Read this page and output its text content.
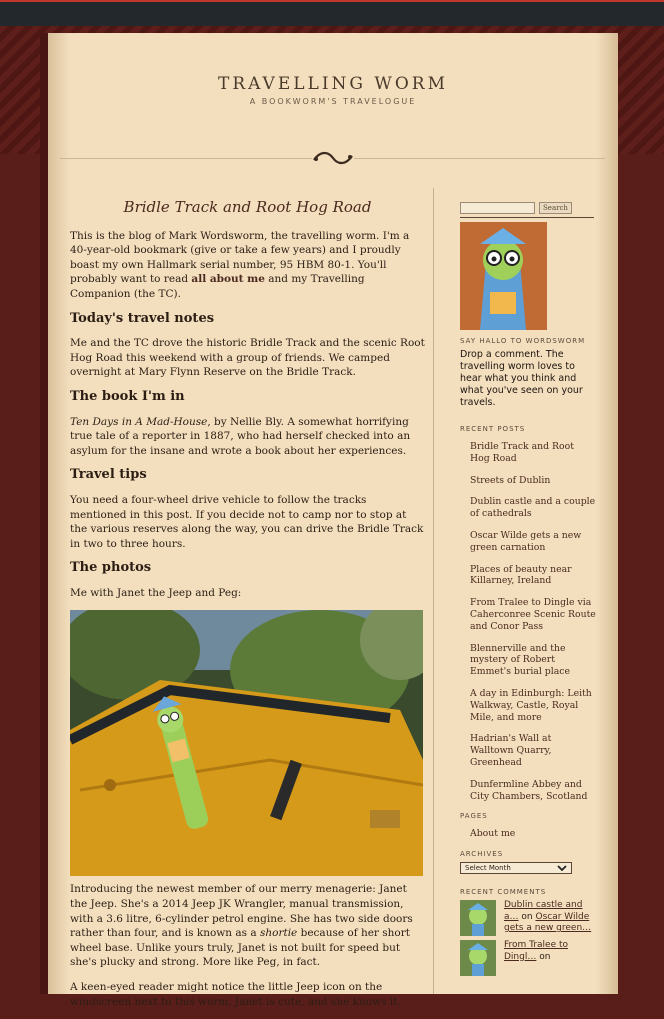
TRAVELLING WORM
A BOOKWORM'S TRAVELOGUE
Bridle Track and Root Hog Road

This is the blog of Mark Wordsworm, the travelling worm. I'm a 40-year-old bookmark (give or take a few years) and I proudly boast my own Hallmark serial number, 95 HBM 80-1. You'll probably want to read all about me and my Travelling Companion (the TC).

Today's travel notes

Me and the TC drove the historic Bridle Track and the scenic Root Hog Road this weekend with a group of friends. We camped overnight at Mary Flynn Reserve on the Bridle Track.

The book I'm in

Ten Days in A Mad-House, by Nellie Bly. A somewhat horrifying true tale of a reporter in 1887, who had herself checked into an asylum for the insane and wrote a book about her experiences.

Travel tips

You need a four-wheel drive vehicle to follow the tracks mentioned in this post. If you decide not to camp nor to stop at the various reserves along the way, you can drive the Bridle Track in two to three hours.

The photos

Me with Janet the Jeep and Peg:

Introducing the newest member of our merry menagerie: Janet the Jeep. She's a 2014 Jeep JK Wrangler, manual transmission, with a 3.6 litre, 6-cylinder petrol engine. She has two side doors rather than four, and is known as a shortie because of her short wheel base. Unlike yours truly, Janet is not built for speed but she's plucky and strong. More like Peg, in fact.

A keen-eyed reader might notice the little Jeep icon on the windscreen next to this worm. Janet is cute, and she knows it.

Search
SAY HALLO TO WORDSWORM

Drop a comment. The travelling worm loves to hear what you think and what you've seen on your travels.

RECENT POSTS
Bridle Track and Root Hog Road
Streets of Dublin
Dublin castle and a couple of cathedrals
Oscar Wilde gets a new green carnation
Places of beauty near Killarney, Ireland
From Tralee to Dingle via Caherconree Scenic Route and Conor Pass
Blennerville and the mystery of Robert Emmet's burial place
A day in Edinburgh: Leith Walkway, Castle, Royal Mile, and more
Hadrian's Wall at Walltown Quarry, Greenhead
Dunfermline Abbey and City Chambers, Scotland
PAGES
About me
ARCHIVES
Select Month
RECENT COMMENTS
Dublin castle and a… on Oscar Wilde gets a new green…
From Tralee to Dingl… on
